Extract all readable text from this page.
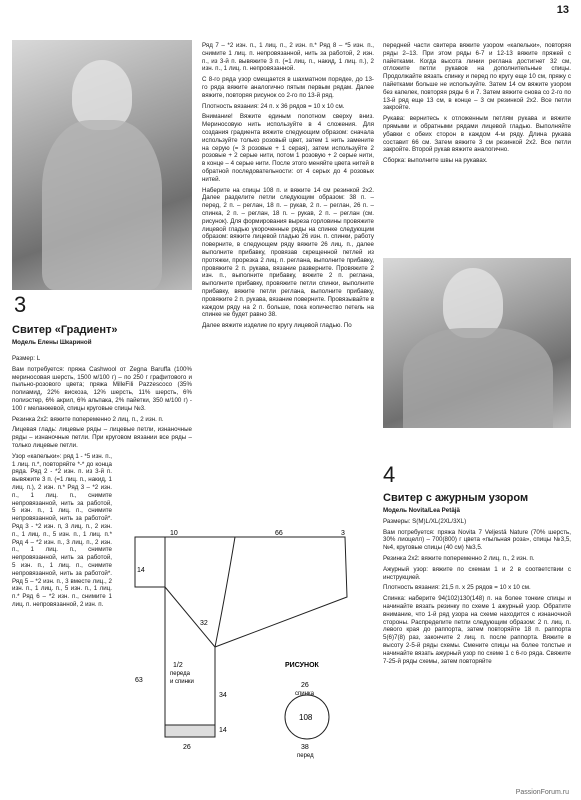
13
3
Свитер «Градиент»
Модель Елены Шкариной

Размер: L

Вам потребуется: пряжа Cashwool от Zegna Baruffa (100% мериносовая шерсть, 1500 м/100 г) – по 250 г графитового и пыльно-розового цвета; пряжа MilleFili Pazzescoco (35% полиамид, 22% вискоза, 12% шерсть, 11% шерсть, 6% полиэстер, 6% акрил, 6% альпака, 2% пайетки, 350 м/100 г) - 100 г меланжевой, спицы круговые спицы №3.

Резинка 2х2: вяжите попеременно 2 лиц. п., 2 изн. п.

Лицевая гладь: лицевые ряды – лицевые петли, изнаночные ряды – изнаночные петли. При круговом вязании все ряды – только лицевые петли.

Узор «капельки»: ряд 1 - *5 изн. п., 1 лиц. п.*, повторяйте *-* до конца ряда. Ряд 2 - *2 изн. п. из 3-й п. вывяжите 3 п. (=1 лиц. п., накид, 1 лиц. п.), 2 изн. п.* Ряд 3 – *2 изн. п., 1 лиц. п., снимите непровязанной, нить за работой, 5 изн. п., 1 лиц. п., снимите непровязанной, нить за работой*. Ряд 3 - *2 изн. п, 3 лиц. п., 2 изн. п., 1 лиц. п., 5 изн. п., 1 лиц. п.* Ряд 4 – *2 изн. п., 3 лиц. п., 2 изн. п., 1 лиц. п., снимите непровязанной, нить за работой, 5 изн. п., 1 лиц. п., снимите непровязанной, нить за работой*. Ряд 5 – *2 изн. п., 3 вместе лиц., 2 изн. п., 1 лиц. п., 5 изн. п., 1 лиц. п.* Ряд 6 – *2 изн. п., снимите 1 лиц. п. непровязанной, 2 изн. п.

Ряд 7 – *2 изн. п., 1 лиц. п., 2 изн. п.* Ряд 8 – *5 изн. п., снимите 1 лиц. п. непровязанной, нить за работой, 2 изн. п., из 3-й п. вывяжите 3 п. (=1 лиц. п., накид, 1 лиц. п.), 2 изн. п., 1 лиц. п. непровязанной.

С 8-го ряда узор смещается в шахматном порядке, до 13-го ряда вяжите аналогично пятым первым рядам. Далее вяжите, повторяя рисунок со 2-го по 13-й ряд.

Плотность вязания: 24 п. х 36 рядов = 10 х 10 см.

Внимание! Вяжите единым полотном сверху вниз. Мериносовую нить используйте в 4 сложения. Для создания градиента вяжите следующим образом: сначала используйте только розовый цвет, затем 1 нить замените на серую (= 3 розовые + 1 серая), затем используйте 2 розовые + 2 серые нити, потом 1 розовую + 2 серые нити, в конце – 4 серые нити. После этого меняйте цвета нитей в обратной последовательности: от 4 серых до 4 розовых нитей.

Наберите на спицы 108 п. и вяжите 14 см резинкой 2х2. Далее разделите петли следующим образом: 38 п. – перед, 2 п. – реглан, 18 п. – рукав, 2 п. – реглан, 26 п. – спинка, 2 п. – реглан, 18 п. – рукав, 2 п. – реглан (см. рисунок). Для формирования выреза горловины провяжите лицевой гладью укороченные ряды на спинке следующим образом: вяжите лицевой гладью 26 изн. п. спинки, работу поверните, в следующем ряду вяжите 26 лиц. п., далее выполните прибавку, провязав скрещенной петлей из протяжки, прорезка 2 лиц. п. реглана, выполните прибавку, провяжите 2 п. рукава, вязание разверните. Провяжите 2 изн. п., выполните прибавку, вяжите 2 п. реглана, выполните прибавку, провяжите петли спинки, выполните прибавку, вяжите петли реглана, выполните прибавку, провяжите 2 п. рукава, вязание поверните. Провязывайте в каждом ряду на 2 п. больше, пока количество петель на спинке не будет равно 38.

Далее вяжите изделие по кругу лицевой гладью. По

передней части свитера вяжите узором «капельки», повторяя ряды 2–13. При этом ряды 6-7 и 12-13 вяжите пряжей с пайетками. Когда высота линии реглана достигнет 32 см, отложите петли рукавов на дополнительные спицы. Продолжайте вязать спинку и перед по кругу еще 10 см, пряжу с пайетками больше не используйте. Затем 14 см вяжите узором без капелек, повторяя ряды 6 и 7. Затем вяжите снова со 2-го по 13-й ряд еще 13 см, в конце – 3 см резинкой 2х2. Все петли закройте.

Рукава: вернитесь к отложенным петлям рукава и вяжите прямыми и обратными рядами лицевой гладью. Выполняйте убавки с обеих сторон в каждом 4-м ряду. Длина рукава составит 66 см. Затем вяжите 3 см резинкой 2х2. Все петли закройте. Второй рукав вяжите аналогично.

Сборка: выполните швы на рукавах.

4
Свитер с ажурным узором

Модель Novita/Lea Petäjä

Размеры: S(M)L/XL(2XL/3XL)

Вам потребуется: пряжа Novita 7 Veljestä Nature (70% шерсть, 30% лиоцелл) – 700(800) г цвета «пыльная роза», спицы №3,5, №4, круговые спицы (40 см) №3,5.

Резинка 2х2: вяжите попеременно 2 лиц. п., 2 изн. п.

Ажурный узор: вяжите по схемам 1 и 2 в соответствии с инструкцией.

Плотность вязания: 21,5 п. х 25 рядов = 10 х 10 см.

Спинка: наберите 94(102)130(148) п. на более тонкие спицы и начинайте вязать резинку по схеме 1 ажурный узор. Обратите внимание, что 1-й ряд узора на схеме находится с изнаночной стороны. Распределите петли следующим образом: 2 п. лиц. п. левого края до раппорта, затем повторяйте 18 п. раппорта 5(6)7(8) раз, закончите 2 лиц. п. после раппорта. Вяжите в высоту 2-5-й ряды схемы. Смените спицы на более толстые и начинайте вязать ажурный узор по схеме 1 с 6-го ряда. Свяжите 7-25-й ряды схемы, затем повторяйте

10	66	3
14
32
63
34
14
26
1/2
переда
и спинки
РИСУНОК
26
спинка
108
38
перед
PassionForum.ru
